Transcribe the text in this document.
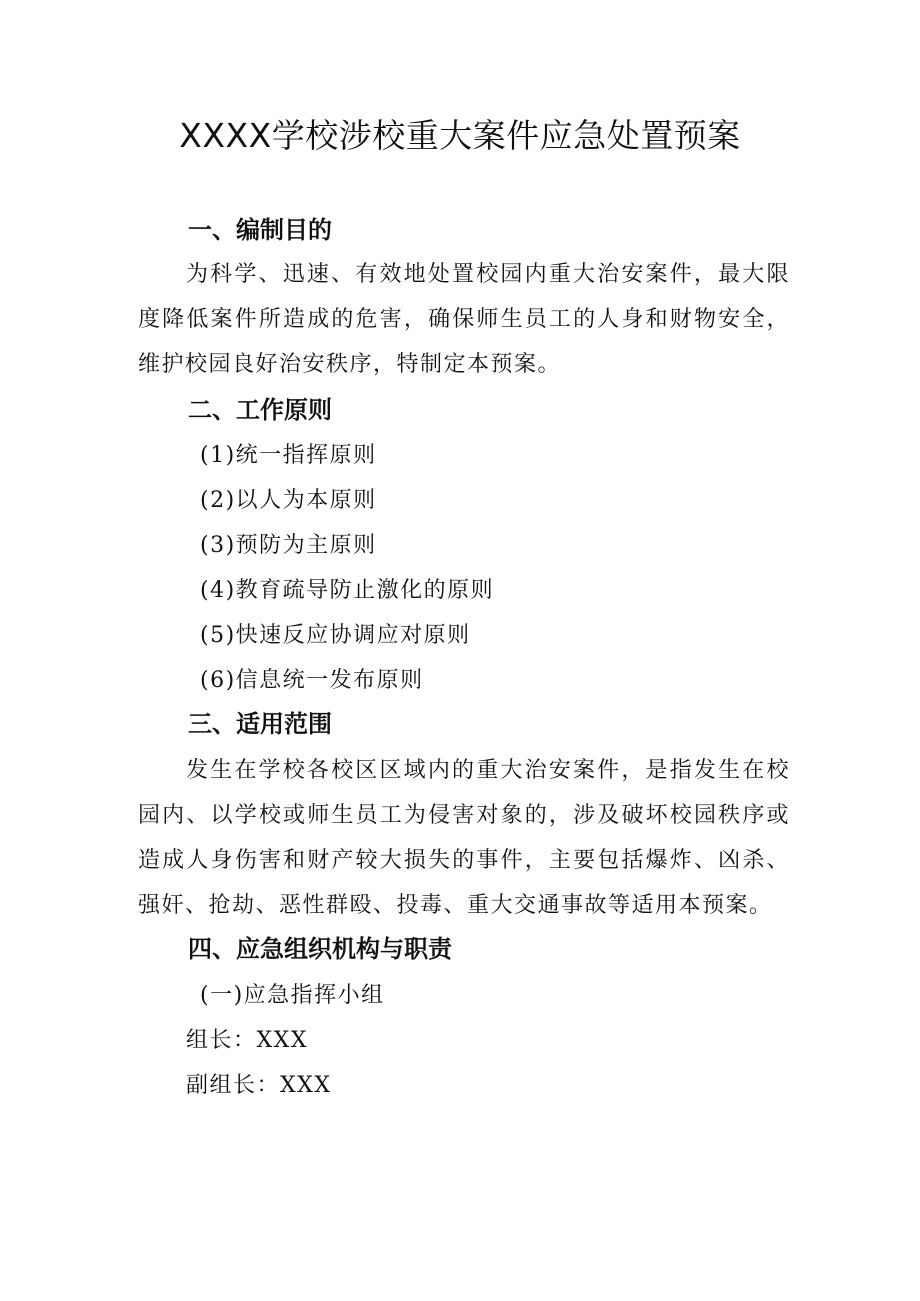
XXXX学校涉校重大案件应急处置预案
一、编制目的
为科学、迅速、有效地处置校园内重大治安案件，最大限度降低案件所造成的危害，确保师生员工的人身和财物安全，维护校园良好治安秩序，特制定本预案。
二、工作原则
(1)统一指挥原则
(2)以人为本原则
(3)预防为主原则
(4)教育疏导防止激化的原则
(5)快速反应协调应对原则
(6)信息统一发布原则
三、适用范围
发生在学校各校区区域内的重大治安案件，是指发生在校园内、以学校或师生员工为侵害对象的，涉及破坏校园秩序或造成人身伤害和财产较大损失的事件，主要包括爆炸、凶杀、强奸、抢劫、恶性群殴、投毒、重大交通事故等适用本预案。
四、应急组织机构与职责
(一)应急指挥小组
组长：XXX
副组长：XXX
